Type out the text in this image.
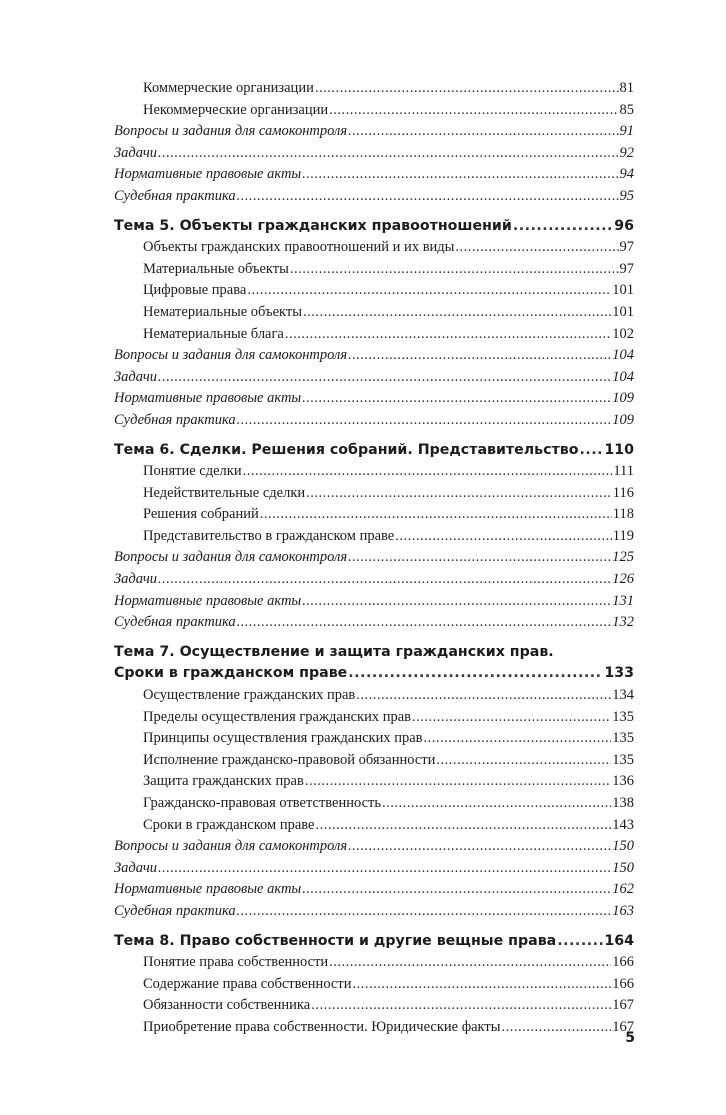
Коммерческие организации .....	81
Некоммерческие организации .....	85
Вопросы и задания для самоконтроля .....	91
Задачи .....	92
Нормативные правовые акты .....	94
Судебная практика .....	95
Тема 5. Объекты гражданских правоотношений .....	96
Объекты гражданских правоотношений и их виды .....	97
Материальные объекты .....	97
Цифровые права .....	101
Нематериальные объекты .....	101
Нематериальные блага .....	102
Вопросы и задания для самоконтроля .....	104
Задачи .....	104
Нормативные правовые акты .....	109
Судебная практика .....	109
Тема 6. Сделки. Решения собраний. Представительство ..... 110
Понятие сделки .....	111
Недействительные сделки .....	116
Решения собраний .....	118
Представительство в гражданском праве .....	119
Вопросы и задания для самоконтроля .....	125
Задачи .....	126
Нормативные правовые акты .....	131
Судебная практика .....	132
Тема 7. Осуществление и защита гражданских прав.
Сроки в гражданском праве .....	133
Осуществление гражданских прав .....	134
Пределы осуществления гражданских прав .....	135
Принципы осуществления гражданских прав .....	135
Исполнение гражданско-правовой обязанности .....	135
Защита гражданских прав .....	136
Гражданско-правовая ответственность .....	138
Сроки в гражданском праве .....	143
Вопросы и задания для самоконтроля .....	150
Задачи .....	150
Нормативные правовые акты .....	162
Судебная практика .....	163
Тема 8. Право собственности и другие вещные права .....	164
Понятие права собственности .....	166
Содержание права собственности .....	166
Обязанности собственника .....	167
Приобретение права собственности. Юридические факты .....	167
5
